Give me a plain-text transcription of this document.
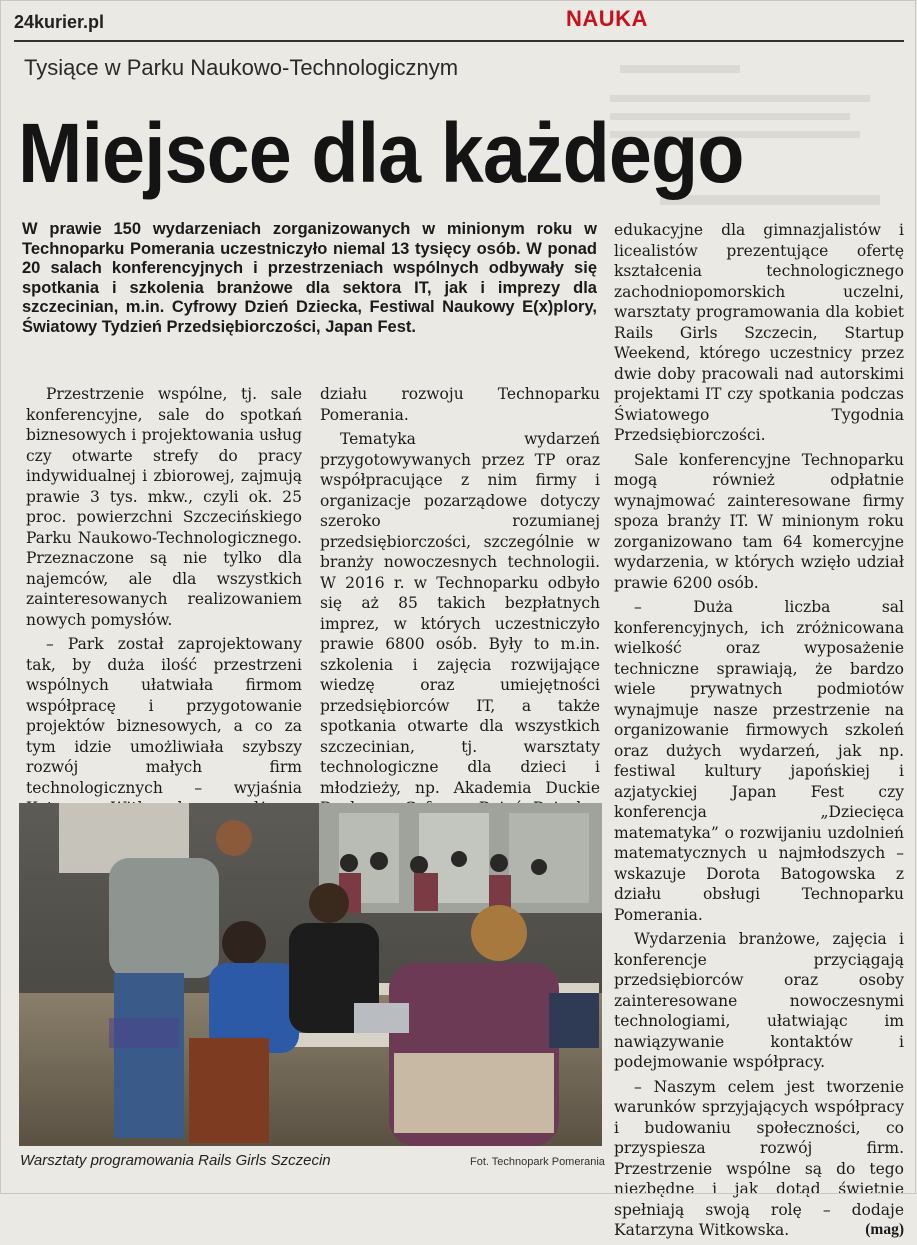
24kurier.pl	NAUKA
Tysiące w Parku Naukowo-Technologicznym
Miejsce dla każdego
W prawie 150 wydarzeniach zorganizowanych w minionym roku w Technoparku Pomerania uczestniczyło niemal 13 tysięcy osób. W ponad 20 salach konferencyjnych i przestrzeniach wspólnych odbywały się spotkania i szkolenia branżowe dla sektora IT, jak i imprezy dla szczecinian, m.in. Cyfrowy Dzień Dziecka, Festiwal Naukowy E(x)plory, Światowy Tydzień Przedsiębiorczości, Japan Fest.

Przestrzenie wspólne, tj. sale konferencyjne, sale do spotkań biznesowych i projektowania usług czy otwarte strefy do pracy indywidualnej i zbiorowej, zajmują prawie 3 tys. mkw., czyli ok. 25 proc. powierzchni Szczecińskiego Parku Naukowo-Technologicznego. Przeznaczone są nie tylko dla najemców, ale dla wszystkich zainteresowanych realizowaniem nowych pomysłów.

– Park został zaprojektowany tak, by duża ilość przestrzeni wspólnych ułatwiała firmom współpracę i przygotowanie projektów biznesowych, a co za tym idzie umożliwiała szybszy rozwój małych firm technologicznych – wyjaśnia

działu rozwoju Technoparku Pomerania.

Tematyka wydarzeń przygotowywanych przez TP oraz współpracujące z nim firmy i organizacje pozarządowe dotyczy szeroko rozumianej przedsiębiorczości, szczególnie w branży nowoczesnych technologii. W 2016 r. w Technoparku odbyło się aż 85 takich bezpłatnych imprez, w których uczestniczyło prawie 6800 osób. Były to m.in. szkolenia i zajęcia rozwijające wiedzę oraz umiejętności przedsiębiorców IT, a także spotkania otwarte dla wszystkich szczecinian, tj. warsztaty technologiczne dla dzieci i młodzieży, np. Akademia Duckie

edukacyjne dla gimnazjalistów i licealistów prezentujące ofertę kształcenia technologicznego zachodniopomorskich uczelni, warsztaty programowania dla kobiet Rails Girls Szczecin, Startup Weekend, którego uczestnicy przez dwie doby pracowali nad autorskimi projektami IT czy spotkania podczas Światowego Tygodnia Przedsiębiorczości.

Sale konferencyjne Technoparku mogą również odpłatnie wynajmować zainteresowane firmy spoza branży IT. W minionym roku zorganizowano tam 64 komercyjne wydarzenia, w których wzięło udział prawie 6200 osób.

– Duża liczba sal konferencyjnych, ich zróżnicowana wielkość oraz wyposażenie techniczne sprawiają, że bardzo wiele prywatnych podmiotów wynajmuje nasze przestrzenie na organizowanie firmowych szkoleń oraz dużych wydarzeń, jak np. festiwal kultury japońskiej i azjatyckiej Japan Fest czy konferencja „Dziecięca matematyka” o rozwijaniu uzdolnień matematycznych u najmłodszych – wskazuje Dorota Batogowska z działu obsługi Technoparku Pomerania.

Wydarzenia branżowe, zajęcia i konferencje przyciągają przedsiębiorców oraz osoby zainteresowane nowoczesnymi technologiami, ułatwiając im nawiązywanie kontaktów i podejmowanie współpracy.

– Naszym celem jest tworzenie warunków sprzyjających współpracy i budowaniu społeczności, co przyspiesza rozwój firm. Przestrzenie wspólne są do tego niezbędne i jak dotąd świetnie spełniają swoją rolę – dodaje Katarzyna Witkowska.	(mag)

Warsztaty programowania Rails Girls Szczecin	Fot. Technopark Pomerania
